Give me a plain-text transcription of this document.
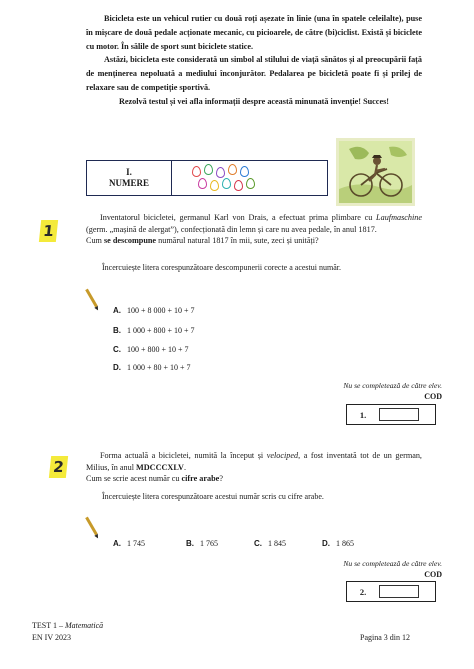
Bicicleta este un vehicul rutier cu două roți așezate în linie (una în spatele celeilalte), puse în mișcare de două pedale acționate mecanic, cu picioarele, de către (bi)ciclist. Există și biciclete cu motor. În sălile de sport sunt biciclete statice.

Astăzi, bicicleta este considerată un simbol al stilului de viață sănătos și al preocupării față de menținerea nepoluată a mediului înconjurător. Pedalarea pe bicicletă poate fi și prilej de relaxare sau de competiție sportivă.

Rezolvă testul și vei afla informații despre această minunată invenție! Succes!

I.
NUMERE
1

Inventatorul bicicletei, germanul Karl von Drais, a efectuat prima plimbare cu Laufmaschine (germ. „mașină de alergat”), confecționată din lemn și care nu avea pedale, în anul 1817.

Cum se descompune numărul natural 1817 în mii, sute, zeci și unități?

Încercuiește litera corespunzătoare descompunerii corecte a acestui număr.
A. 100 + 8 000 + 10 + 7
B. 1 000 + 800 + 10 + 7
C. 100 + 800 + 10 + 7
D. 1 000 + 80 + 10 + 7
Nu se completează de către elev.
COD
1.
2

Forma actuală a bicicletei, numită la început și velociped, a fost inventată tot de un german, Milius, în anul MDCCCXLV.

Cum se scrie acest număr cu cifre arabe?

Încercuiește litera corespunzătoare acestui număr scris cu cifre arabe.
A. 1 745	B. 1 765	C. 1 845	D. 1 865
Nu se completează de către elev.
COD
2.
TEST 1 – Matematică
EN IV 2023	Pagina 3 din 12
